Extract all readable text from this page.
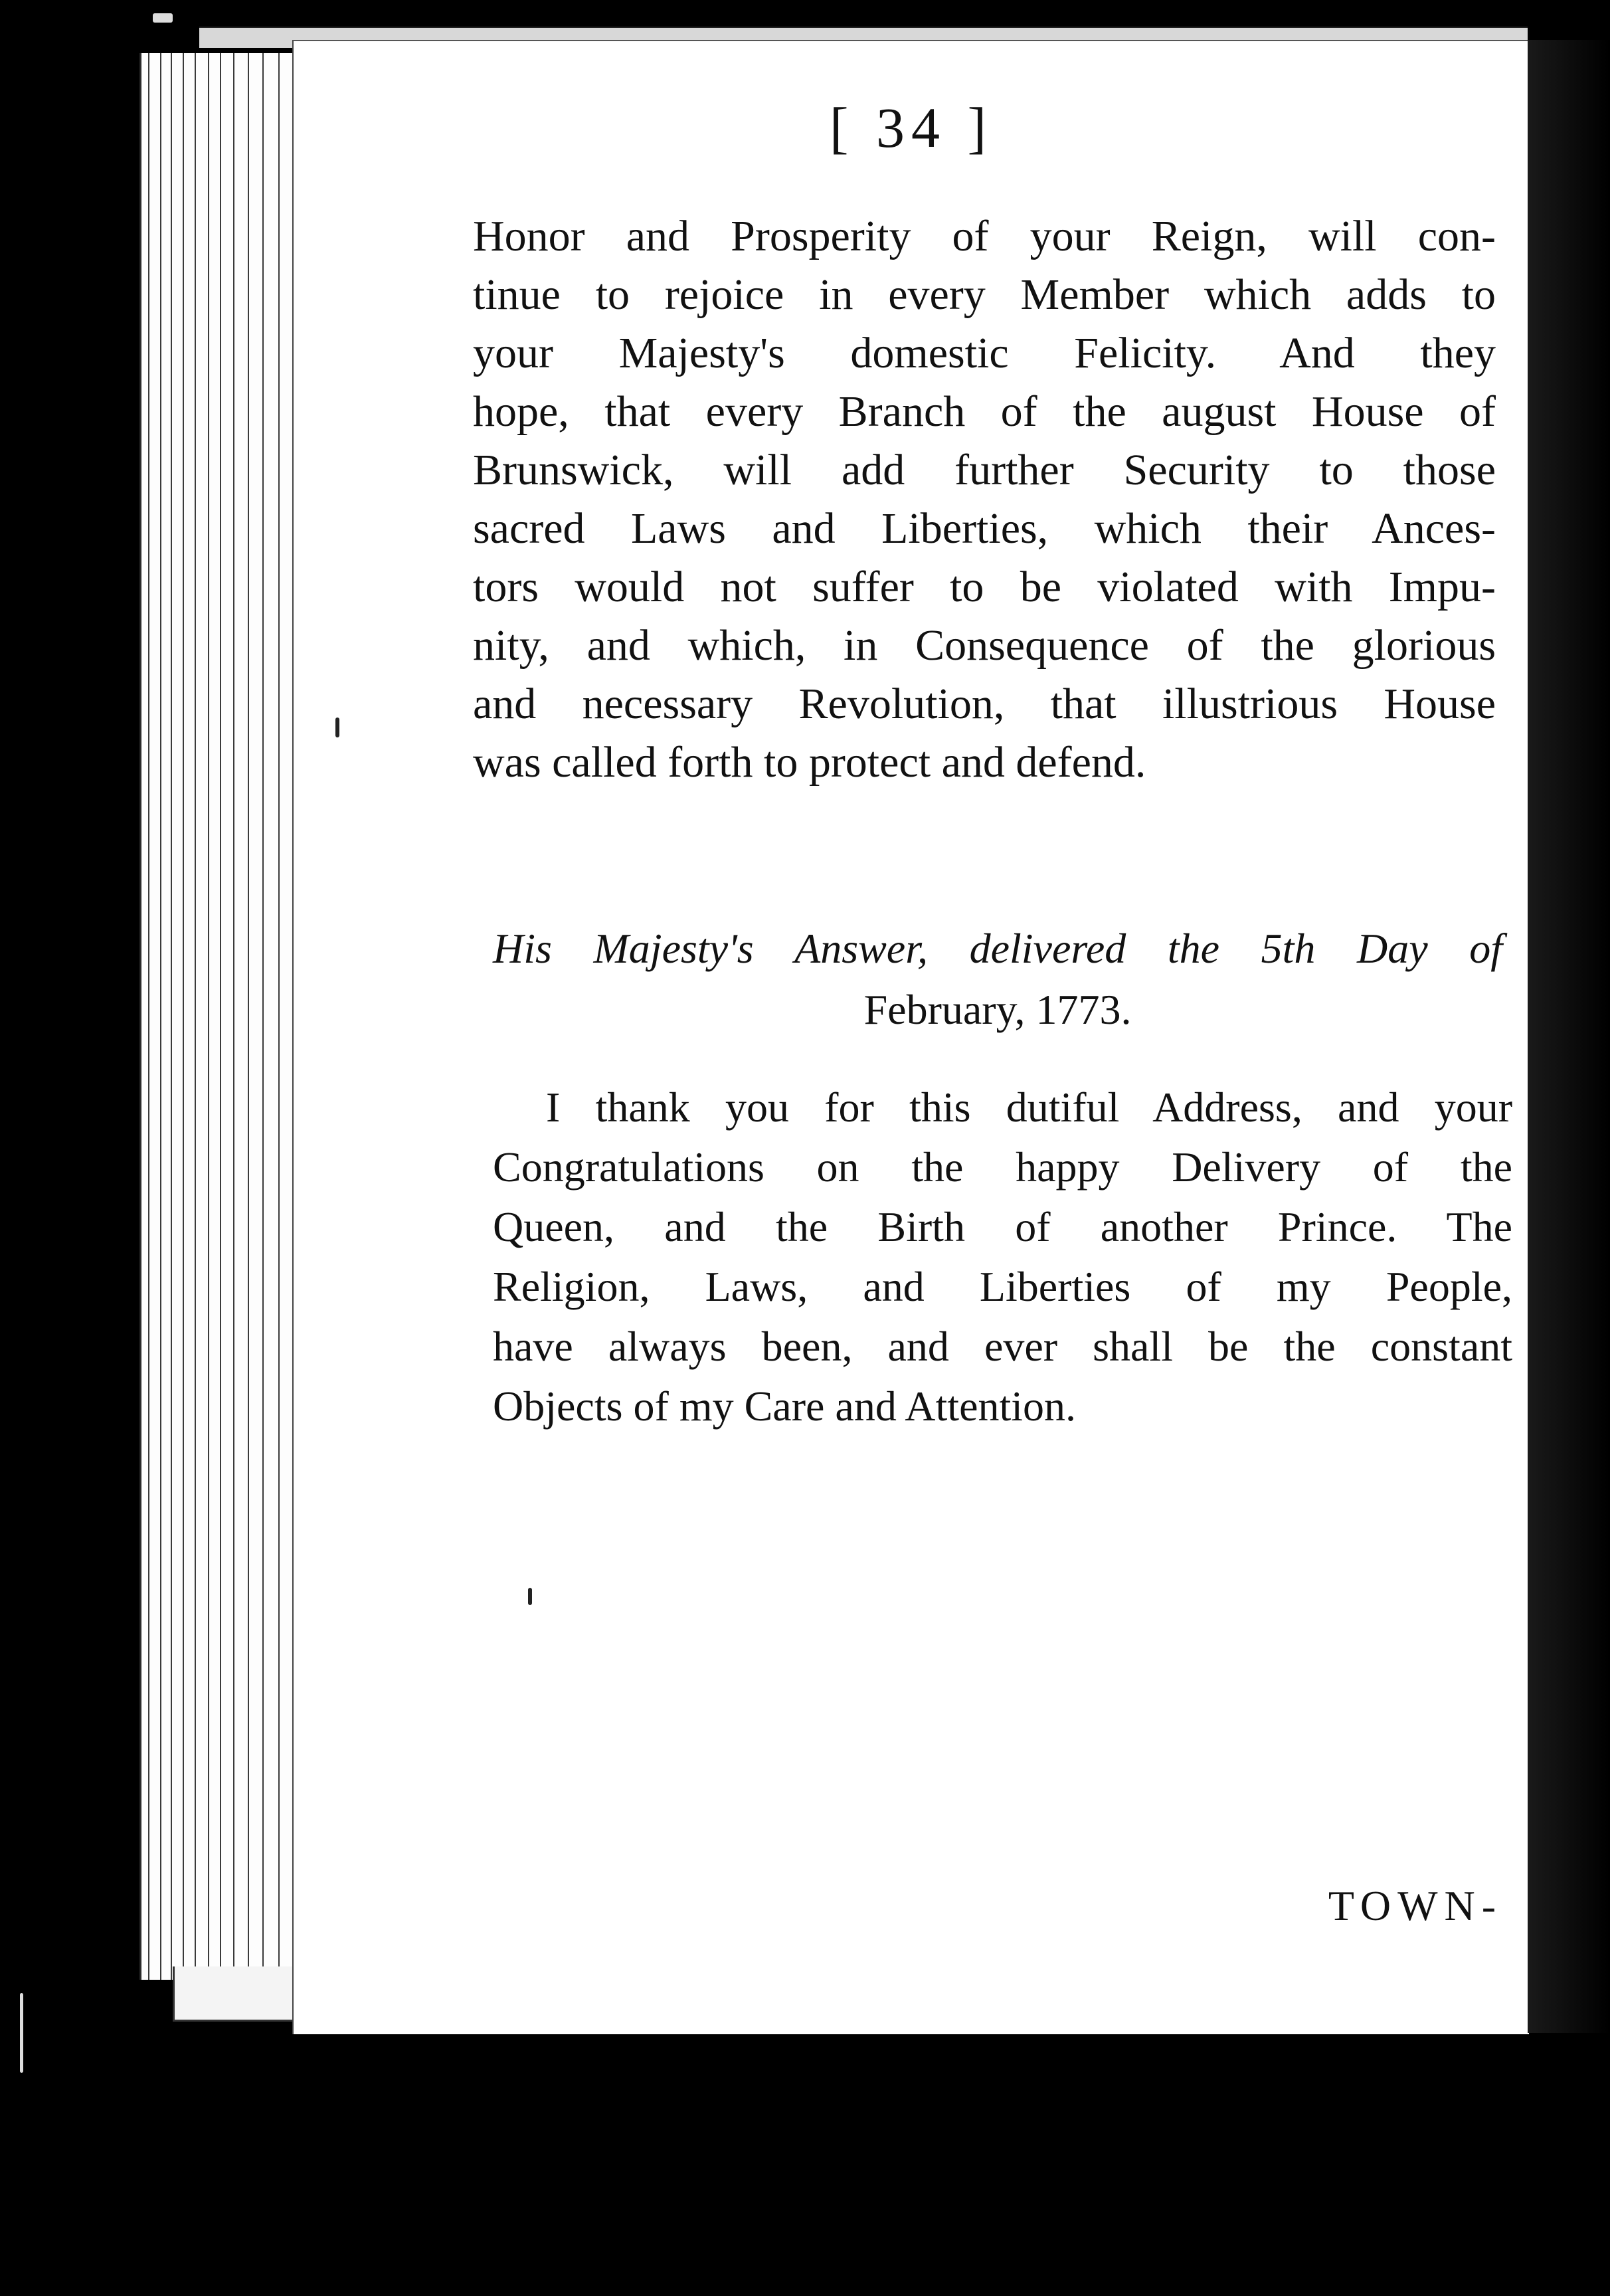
[ 34 ]
Honor and Prosperity of your Reign, will con-
tinue to rejoice in every Member which adds to
your Majesty's domestic Felicity. And they
hope, that every Branch of the august House of
Brunswick, will add further Security to those
sacred Laws and Liberties, which their Ances-
tors would not suffer to be violated with Impu-
nity, and which, in Consequence of the glorious
and necessary Revolution, that illustrious House
was called forth to protect and defend.
His Majesty's Answer, delivered the 5th Day of
February, 1773.
I thank you for this dutiful Address, and your
Congratulations on the happy Delivery of the
Queen, and the Birth of another Prince. The
Religion, Laws, and Liberties of my People,
have always been, and ever shall be the constant
Objects of my Care and Attention.
TOWN-
